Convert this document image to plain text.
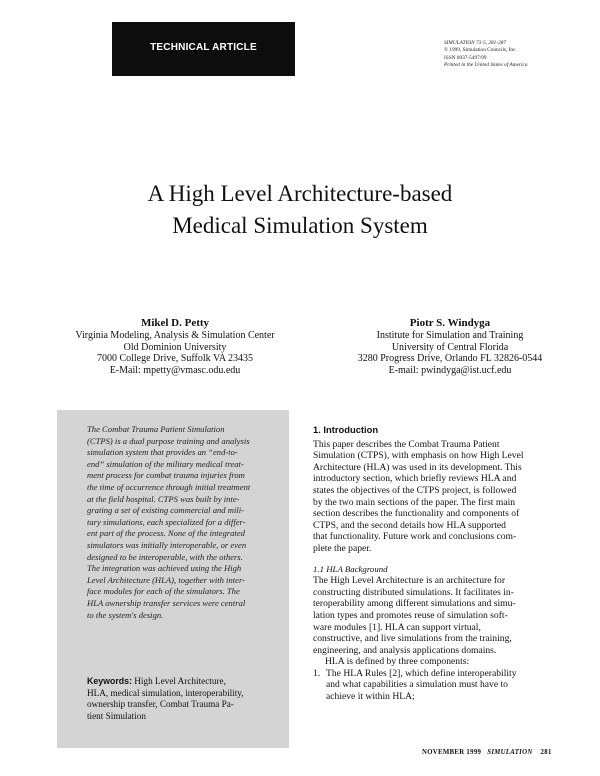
TECHNICAL ARTICLE	SIMULATION 73:5, 281-287
© 1999, Simulation Councils, Inc.
ISSN 0037-5497/99
Printed in the United States of America
A High Level Architecture-based
Medical Simulation System
Mikel D. Petty
Virginia Modeling, Analysis & Simulation Center
Old Dominion University
7000 College Drive, Suffolk VA 23435
E-Mail: mpetty@vmasc.odu.edu
Piotr S. Windyga
Institute for Simulation and Training
University of Central Florida
3280 Progress Drive, Orlando FL 32826-0544
E-mail: pwindyga@ist.ucf.edu
The Combat Trauma Patient Simulation
(CTPS) is a dual purpose training and analysis
simulation system that provides an “end-to-
end” simulation of the military medical treat-
ment process for combat trauma injuries from
the time of occurrence through initial treatment
at the field hospital. CTPS was built by inte-
grating a set of existing commercial and mili-
tary simulations, each specialized for a differ-
ent part of the process. None of the integrated
simulators was initially interoperable, or even
designed to be interoperable, with the others.
The integration was achieved using the High
Level Architecture (HLA), together with inter-
face modules for each of the simulators. The
HLA ownership transfer services were central
to the system's design.
Keywords: High Level Architecture,
HLA, medical simulation, interoperability,
ownership transfer, Combat Trauma Pa-
tient Simulation
1. Introduction
This paper describes the Combat Trauma Patient
Simulation (CTPS), with emphasis on how High Level
Architecture (HLA) was used in its development. This
introductory section, which briefly reviews HLA and
states the objectives of the CTPS project, is followed
by the two main sections of the paper. The first main
section describes the functionality and components of
CTPS, and the second details how HLA supported
that functionality. Future work and conclusions com-
plete the paper.
1.1 HLA Background
The High Level Architecture is an architecture for
constructing distributed simulations. It facilitates in-
teroperability among different simulations and simu-
lation types and promotes reuse of simulation soft-
ware modules [1]. HLA can support virtual,
constructive, and live simulations from the training,
engineering, and analysis applications domains.
HLA is defined by three components:
1. The HLA Rules [2], which define interoperability
and what capabilities a simulation must have to
achieve it within HLA;
NOVEMBER 1999 SIMULATION 281
